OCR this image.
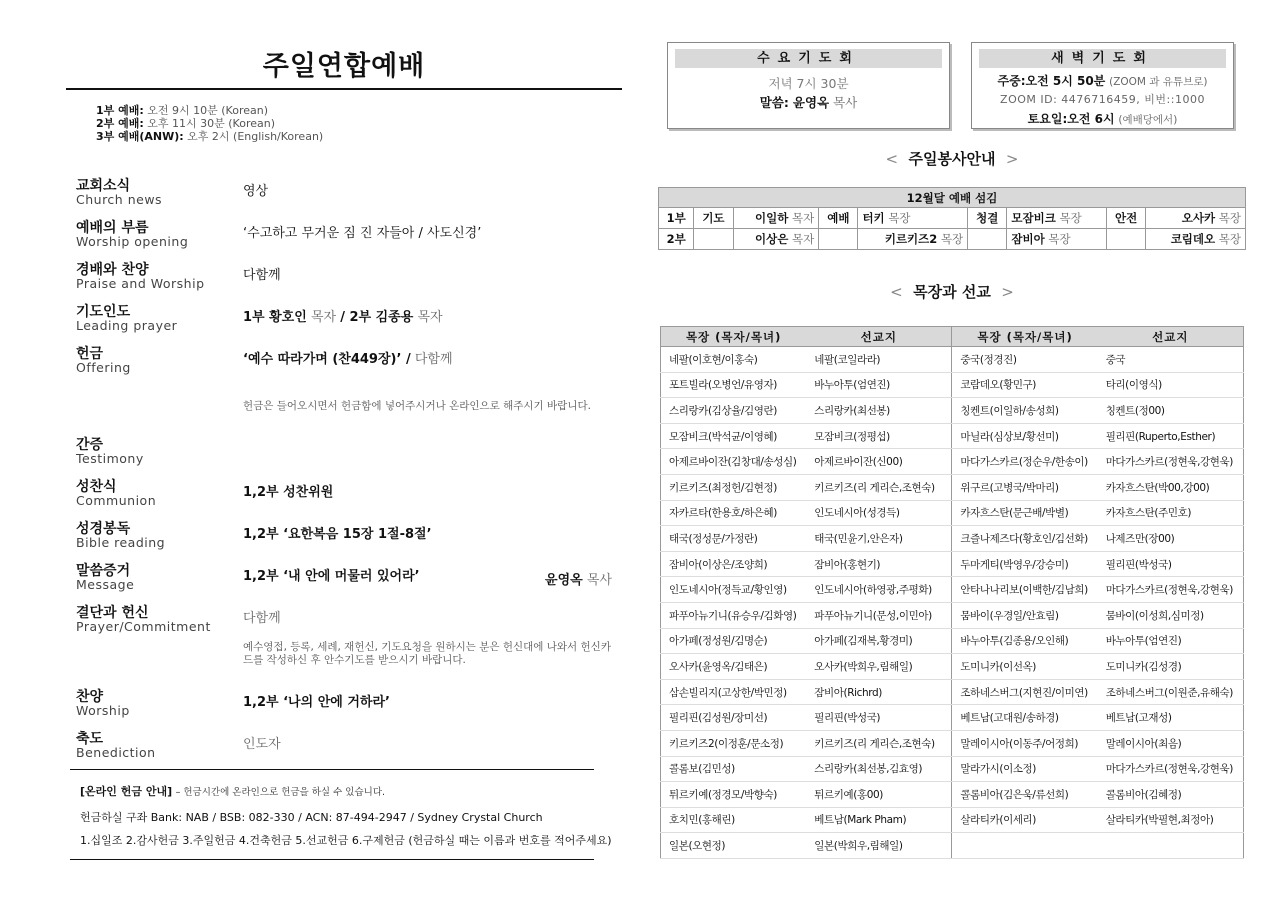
주일연합예배
1부 예배: 오전 9시 10분 (Korean)
2부 예배: 오후 11시 30분 (Korean)
3부 예배(ANW): 오후 2시 (English/Korean)
교회소식
Church news
영상
예배의 부름
Worship opening
‘수고하고 무거운 짐 진 자들아 / 사도신경’
경배와 찬양
Praise and Worship
다함께
기도인도
Leading prayer
1부 황호인 목자 / 2부 김종용 목자
헌금
Offering
‘예수 따라가며 (찬449장)’ / 다함께
헌금은 들어오시면서 헌금함에 넣어주시거나 온라인으로 해주시기 바랍니다.
간증
Testimony
성찬식
Communion
1,2부 성찬위원
성경봉독
Bible reading
1,2부 ‘요한복음 15장 1절-8절’
말씀증거
Message
1,2부 ‘내 안에 머물러 있어라’	윤영옥 목사
결단과 헌신
Prayer/Commitment
다함께
예수영접, 등록, 세례, 재헌신, 기도요청을 원하시는 분은 헌신대에 나와서 헌신카드를 작성하신 후 안수기도를 받으시기 바랍니다.
찬양
Worship
1,2부 ‘나의 안에 거하라’
축도
Benediction
인도자
[온라인 헌금 안내] – 헌금시간에 온라인으로 헌금을 하실 수 있습니다.
헌금하실 구좌 Bank: NAB / BSB: 082-330 / ACN: 87-494-2947 / Sydney Crystal Church
1.십일조 2.감사헌금 3.주일헌금 4.건축헌금 5.선교헌금 6.구제헌금 (헌금하실 때는 이름과 번호를 적어주세요)
수요기도회
저녁 7시 30분
말씀: 윤영옥 목사
새벽기도회
주중:오전 5시 50분 (ZOOM 과 유튜브로)
ZOOM ID: 4476716459, 비번::1000
토요일:오전 6시 (예배당에서)
< 주일봉사안내 >
12월달 예배 섬김								
1부	기도	이일하 목자	예배	터키 목장	청결	모잠비크 목장	안전	오사카 목장
2부		이상은 목자		키르키즈2 목장		잠비아 목장		코림데오 목장
< 목장과 선교 >
목장 (목자/목녀)	선교지	목장 (목자/목녀)	선교지
네팔(이호현/이홍숙)	네팔(코일라라)	중국(정경진)	중국
포트빌라(오병언/유영자)	바누아투(엄연진)	코람데오(황민구)	타리(이영식)
스리랑카(김상율/김영란)	스리랑카(최선봉)	칭켄트(이일하/송성희)	칭켄트(정00)
모잠비크(박석균/이영혜)	모잠비크(정평섭)	마닐라(심상보/황선미)	필리핀(Ruperto,Esther)
아제르바이잔(김창대/송성심)	아제르바이잔(신00)	마다가스카르(정순우/한송이)	마다가스카르(정현욱,강현욱)
키르키즈(최정헌/김현정)	키르키즈(리 게리슨,조현숙)	위구르(고병국/박마리)	카자흐스탄(박00,강00)
자카르타(한용호/하은혜)	인도네시아(성경득)	카자흐스탄(문근배/박별)	카자흐스탄(주민호)
태국(정성문/가정란)	태국(민윤기,안은자)	크즐나제즈다(황호인/김선화)	나제즈만(장00)
잠비아(이상은/조양희)	잠비아(홍현기)	두마게티(박영우/강승미)	필리핀(박성국)
인도네시아(정득교/황인영)	인도네시아(하영광,주평화)	안타나나리보(이백한/김남희)	마다가스카르(정현욱,강현욱)
파푸아뉴기니(유승우/김화영)	파푸아뉴기니(문성,이민아)	뭄바이(우경일/안효림)	뭄바이(이성희,심미정)
아가페(정성원/김명순)	아가페(김재복,황경미)	바누아투(김종용/오인해)	바누아투(엄연진)
오사카(윤영옥/김태은)	오사카(박희우,림해일)	도미니카(이선옥)	도미니카(김성경)
삼손빌리지(고상한/박민정)	잠비아(Richrd)	조하네스버그(지현진/이미연)	조하네스버그(이원준,유해숙)
필리핀(김성원/장미선)	필리핀(박성국)	베트남(고대원/송하경)	베트남(고재성)
키르키즈2(이정훈/문소정)	키르키즈(리 게리슨,조현숙)	말레이시아(이동주/어정희)	말레이시아(최음)
콜롬보(김민성)	스리랑카(최선봉,김효영)	말라가시(이소정)	마다가스카르(정현욱,강현욱)
튀르키예(정경모/박향숙)	튀르키예(홍00)	콜롬비아(김은욱/류선희)	콜롬비아(김혜정)
호치민(홍해린)	베트남(Mark Pham)	살라티카(이세리)	살라티카(박필현,최정아)
일본(오현정)	일본(박희우,림해일)		
